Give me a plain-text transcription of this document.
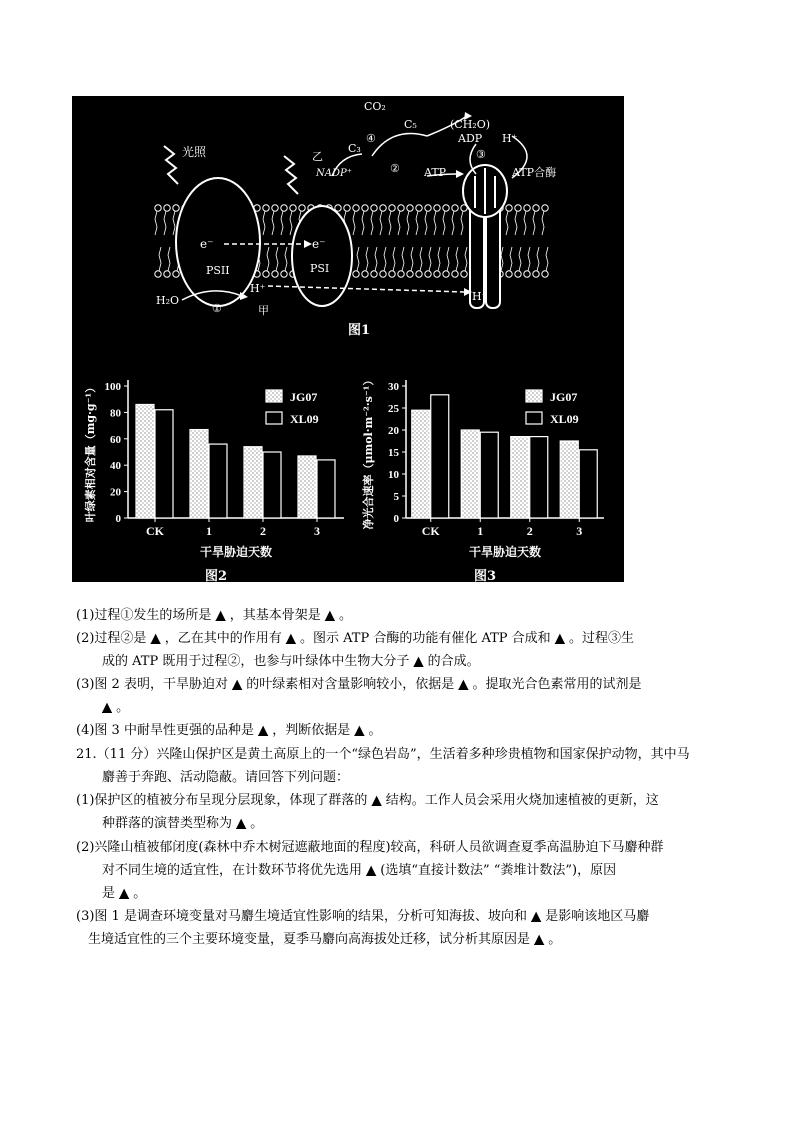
光照
CO₂
C₅
C₃
(CH₂O)
ADP
ATP
H⁺
ATP合酶
NADP⁺
乙
PSII	PSI
e⁻	e⁻
H₂O
H⁺
H⁺
甲
①
②
③
④
图1
0
20
40
60
80
100
CK	1	2	3
JG07
XL09
干旱胁迫天数
叶绿素相对含量（mg·g⁻¹）
图2
0
5
10
15
20
25
30
CK	1	2	3
JG07
XL09
干旱胁迫天数
净光合速率（μmol·m⁻²·s⁻¹）
图3
(1)过程①发生的场所是 ▲ ，其基本骨架是 ▲ 。
(2)过程②是 ▲ ，乙在其中的作用有 ▲ 。图示 ATP 合酶的功能有催化 ATP 合成和 ▲ 。过程③生
成的 ATP 既用于过程②，也参与叶绿体中生物大分子 ▲ 的合成。
(3)图 2 表明，干旱胁迫对 ▲ 的叶绿素相对含量影响较小，依据是 ▲ 。提取光合色素常用的试剂是
▲ 。
(4)图 3 中耐旱性更强的品种是 ▲ ，判断依据是 ▲ 。
21.（11 分）兴隆山保护区是黄土高原上的一个“绿色岩岛”，生活着多种珍贵植物和国家保护动物，其中马
麝善于奔跑、活动隐蔽。请回答下列问题：
(1)保护区的植被分布呈现分层现象，体现了群落的 ▲ 结构。工作人员会采用火烧加速植被的更新，这
种群落的演替类型称为 ▲ 。
(2)兴隆山植被郁闭度(森林中乔木树冠遮蔽地面的程度)较高，科研人员欲调查夏季高温胁迫下马麝种群
对不同生境的适宜性，在计数环节将优先选用 ▲ (选填“直接计数法” “粪堆计数法”)，原因
是 ▲ 。
(3)图 1 是调查环境变量对马麝生境适宜性影响的结果，分析可知海拔、坡向和 ▲ 是影响该地区马麝
生境适宜性的三个主要环境变量，夏季马麝向高海拔处迁移，试分析其原因是 ▲ 。
